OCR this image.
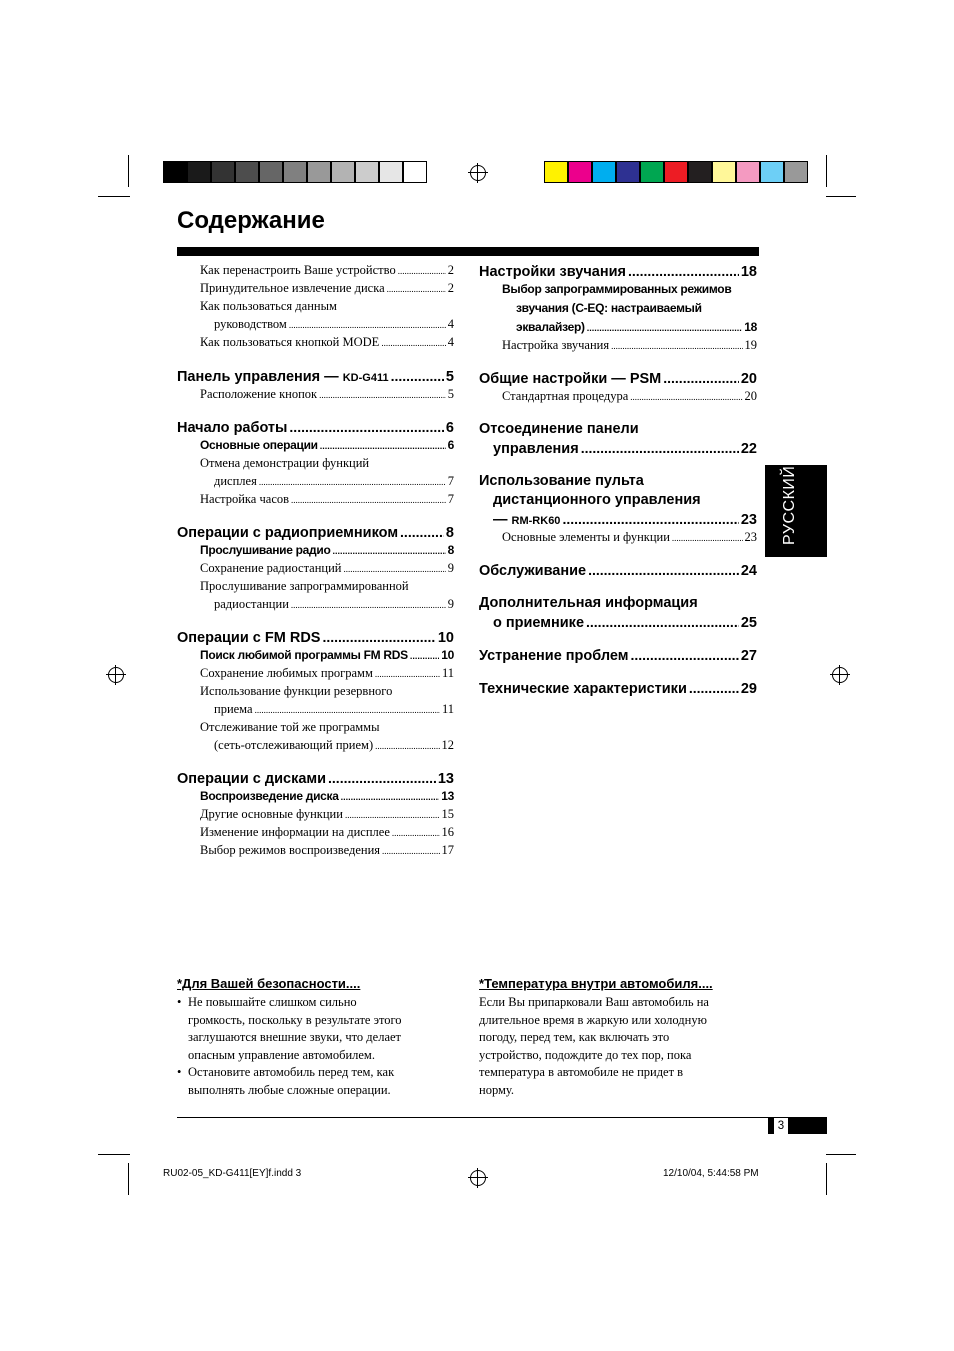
Содержание
Как перенастроить Ваше устройство .....	2
Принудительное извлечение диска .....	2
Как пользоваться данным
руководством .....	4
Как пользоваться кнопкой MODE .....	4
Панель управления — KD-G411 .....	5
Расположение кнопок .....	5
Начало работы .....	6
Основные операции .....	6
Отмена демонстрации функций
дисплея .....	7
Настройка часов .....	7
Операции с радиоприемником .....	8
Прослушивание радио .....	8
Сохранение радиостанций .....	9
Прослушивание запрограммированной
радиостанции .....	9
Операции с FM RDS .....	10
Поиск любимой программы FM RDS .....	10
Сохранение любимых программ .....	11
Использование функции резервного
приема .....	11
Отслеживание той же программы
(сеть-отслеживающий прием) .....	12
Операции с дисками .....	13
Воспроизведение диска .....	13
Другие основные функции .....	15
Изменение информации на дисплее .....	16
Выбор режимов воспроизведения .....	17
Настройки звучания .....	18
Выбор запрограммированных режимов
звучания (C-EQ: настраиваемый
эквалайзер) .....	18
Настройка звучания .....	19
Общие настройки — PSM .....	20
Стандартная процедура .....	20
Отсоединение панели
управления .....	22
Использование пульта
дистанционного управления
— RM-RK60 .....	23
Основные элементы и функции .....	23
Обслуживание .....	24
Дополнительная информация
о приемнике .....	25
Устранение проблем .....	27
Технические характеристики .....	29
РУССКИЙ
*Для Вашей безопасности....
• Не повышайте слишком сильно
громкость, поскольку в результате этого
заглушаются внешние звуки, что делает
опасным управление автомобилем.
• Остановите автомобиль перед тем, как
выполнять любые сложные операции.
*Температура внутри автомобиля....
Если Вы припарковали Ваш автомобиль на
длительное время в жаркую или холодную
погоду, перед тем, как включать это
устройство, подождите до тех пор, пока
температура в автомобиле не придет в
норму.
3
RU02-05_KD-G411[EY]f.indd 3	12/10/04, 5:44:58 PM
